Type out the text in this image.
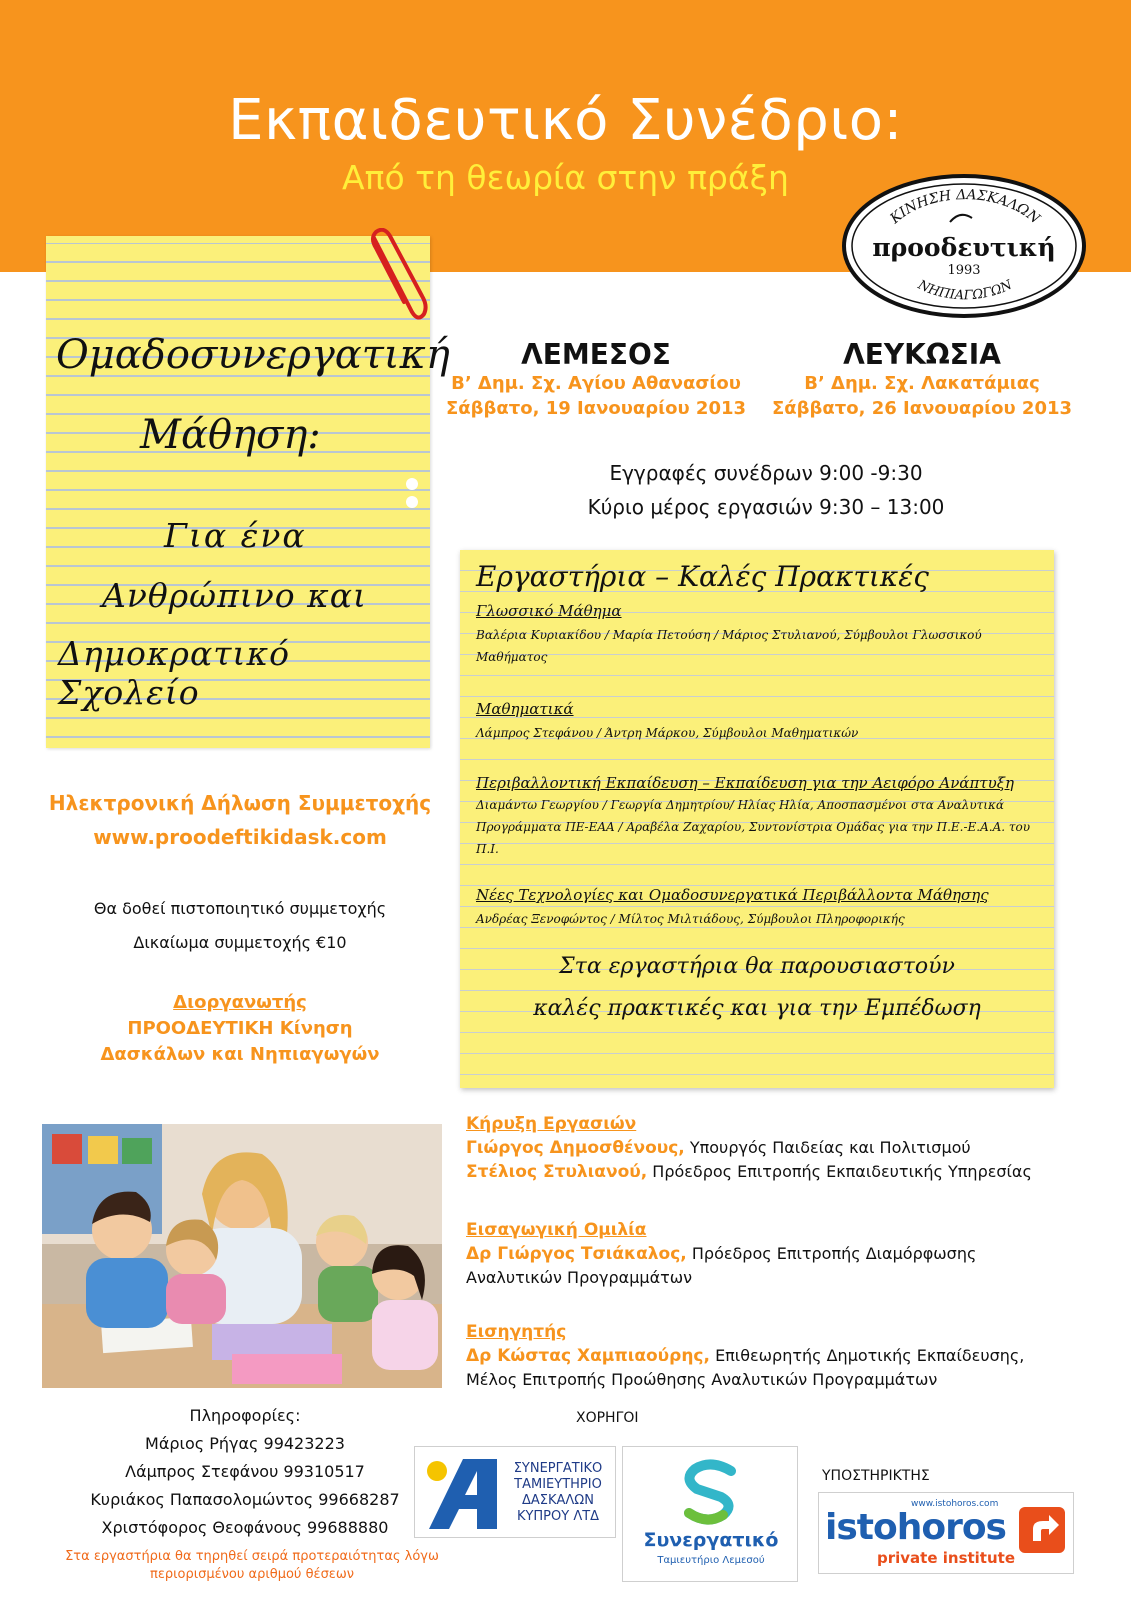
Εκπαιδευτικό Συνέδριο:
Από τη θεωρία στην πράξη
ΚΙΝΗΣΗ ΔΑΣΚΑΛΩΝ
προοδευτική
1993
ΝΗΠΙΑΓΩΓΩΝ
Ομαδοσυνεργατική
Μάθηση:
Για ένα
Ανθρώπινο και
Δημοκρατικό Σχολείο
ΛΕΜΕΣΟΣ
Β’ Δημ. Σχ. Αγίου Αθανασίου
Σάββατο, 19 Ιανουαρίου 2013
ΛΕΥΚΩΣΙΑ
Β’ Δημ. Σχ. Λακατάμιας
Σάββατο, 26 Ιανουαρίου 2013
Εγγραφές συνέδρων 9:00 -9:30
Κύριο μέρος εργασιών 9:30 – 13:00
Εργαστήρια – Καλές Πρακτικές
Γλωσσικό Μάθημα
Βαλέρια Κυριακίδου / Μαρία Πετούση / Μάριος Στυλιανού, Σύμβουλοι Γλωσσικού Μαθήματος
Μαθηματικά
Λάμπρος Στεφάνου / Άντρη Μάρκου, Σύμβουλοι Μαθηματικών
Περιβαλλοντική Εκπαίδευση – Εκπαίδευση για την Αειφόρο Ανάπτυξη
Διαμάντω Γεωργίου / Γεωργία Δημητρίου/ Ηλίας Ηλία, Αποσπασμένοι στα Αναλυτικά Προγράμματα ΠΕ-ΕΑΑ / Αραβέλα Ζαχαρίου, Συντονίστρια Ομάδας για την Π.Ε.-Ε.Α.Α. του Π.Ι.
Νέες Τεχνολογίες και Ομαδοσυνεργατικά Περιβάλλοντα Μάθησης
Ανδρέας Ξενοφώντος / Μίλτος Μιλτιάδους, Σύμβουλοι Πληροφορικής
Στα εργαστήρια θα παρουσιαστούν
καλές πρακτικές και για την Εμπέδωση
Ηλεκτρονική Δήλωση Συμμετοχής
www.proodeftikidask.com
Θα δοθεί πιστοποιητικό συμμετοχής
Δικαίωμα συμμετοχής €10
Διοργανωτής
ΠΡΟΟΔΕΥΤΙΚΗ Κίνηση
Δασκάλων και Νηπιαγωγών
Κήρυξη Εργασιών
Γιώργος Δημοσθένους, Υπουργός Παιδείας και Πολιτισμού
Στέλιος Στυλιανού, Πρόεδρος Επιτροπής Εκπαιδευτικής Υπηρεσίας
Εισαγωγική Ομιλία
Δρ Γιώργος Τσιάκαλος, Πρόεδρος Επιτροπής Διαμόρφωσης
Αναλυτικών Προγραμμάτων
Εισηγητής
Δρ Κώστας Χαμπιαούρης, Επιθεωρητής Δημοτικής Εκπαίδευσης,
Μέλος Επιτροπής Προώθησης Αναλυτικών Προγραμμάτων
Πληροφορίες:
Μάριος Ρήγας 99423223
Λάμπρος Στεφάνου 99310517
Κυριάκος Παπασολομώντος 99668287
Χριστόφορος Θεοφάνους 99688880
Στα εργαστήρια θα τηρηθεί σειρά προτεραιότητας λόγω
περιορισμένου αριθμού θέσεων
ΧΟΡΗΓΟΙ
ΥΠΟΣΤΗΡΙΚΤΗΣ
ΣΥΝΕΡΓΑΤΙΚΟ
ΤΑΜΙΕΥΤΗΡΙΟ
ΔΑΣΚΑΛΩΝ
ΚΥΠΡΟΥ ΛΤΔ
Συνεργατικό
Ταμιευτήριο Λεμεσού
www.istohoros.com
istohoros
private institute
